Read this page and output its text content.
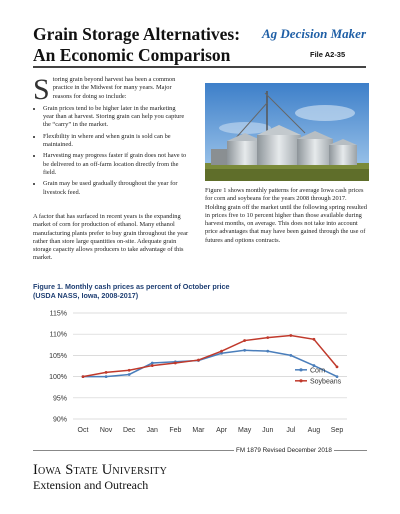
Grain Storage Alternatives:
An Economic Comparison
Ag Decision Maker
File A2-35
S toring grain beyond harvest has been a common practice in the Midwest for many years. Major reasons for doing so include:
• Grain prices tend to be higher later in the marketing year than at harvest. Storing grain can help you capture the “carry” in the market.
• Flexibility in where and when grain is sold can be maintained.
• Harvesting may progress faster if grain does not have to be delivered to an off-farm location directly from the field.
• Grain may be used gradually throughout the year for livestock feed.
A factor that has surfaced in recent years is the expanding market of corn for production of ethanol. Many ethanol manufacturing plants prefer to buy grain throughout the year rather than store large quantities on-site. Adequate grain storage capacity allows producers to take advantage of this market.
Figure 1 shows monthly patterns for average Iowa cash prices for corn and soybeans for the years 2008 through 2017. Holding grain off the market until the following spring resulted in prices five to 10 percent higher than those available during harvest months, on average. This does not take into account price advantages that may have been gained through the use of futures and options contracts.
Figure 1. Monthly cash prices as percent of October price
(USDA NASS, Iowa, 2008-2017)
90%
95%
100%
105%
110%
115%
Oct Nov Dec Jan Feb Mar Apr May Jun Jul Aug Sep
Corn
Soybeans
FM 1879 Revised December 2018
Iowa State University
Extension and Outreach
